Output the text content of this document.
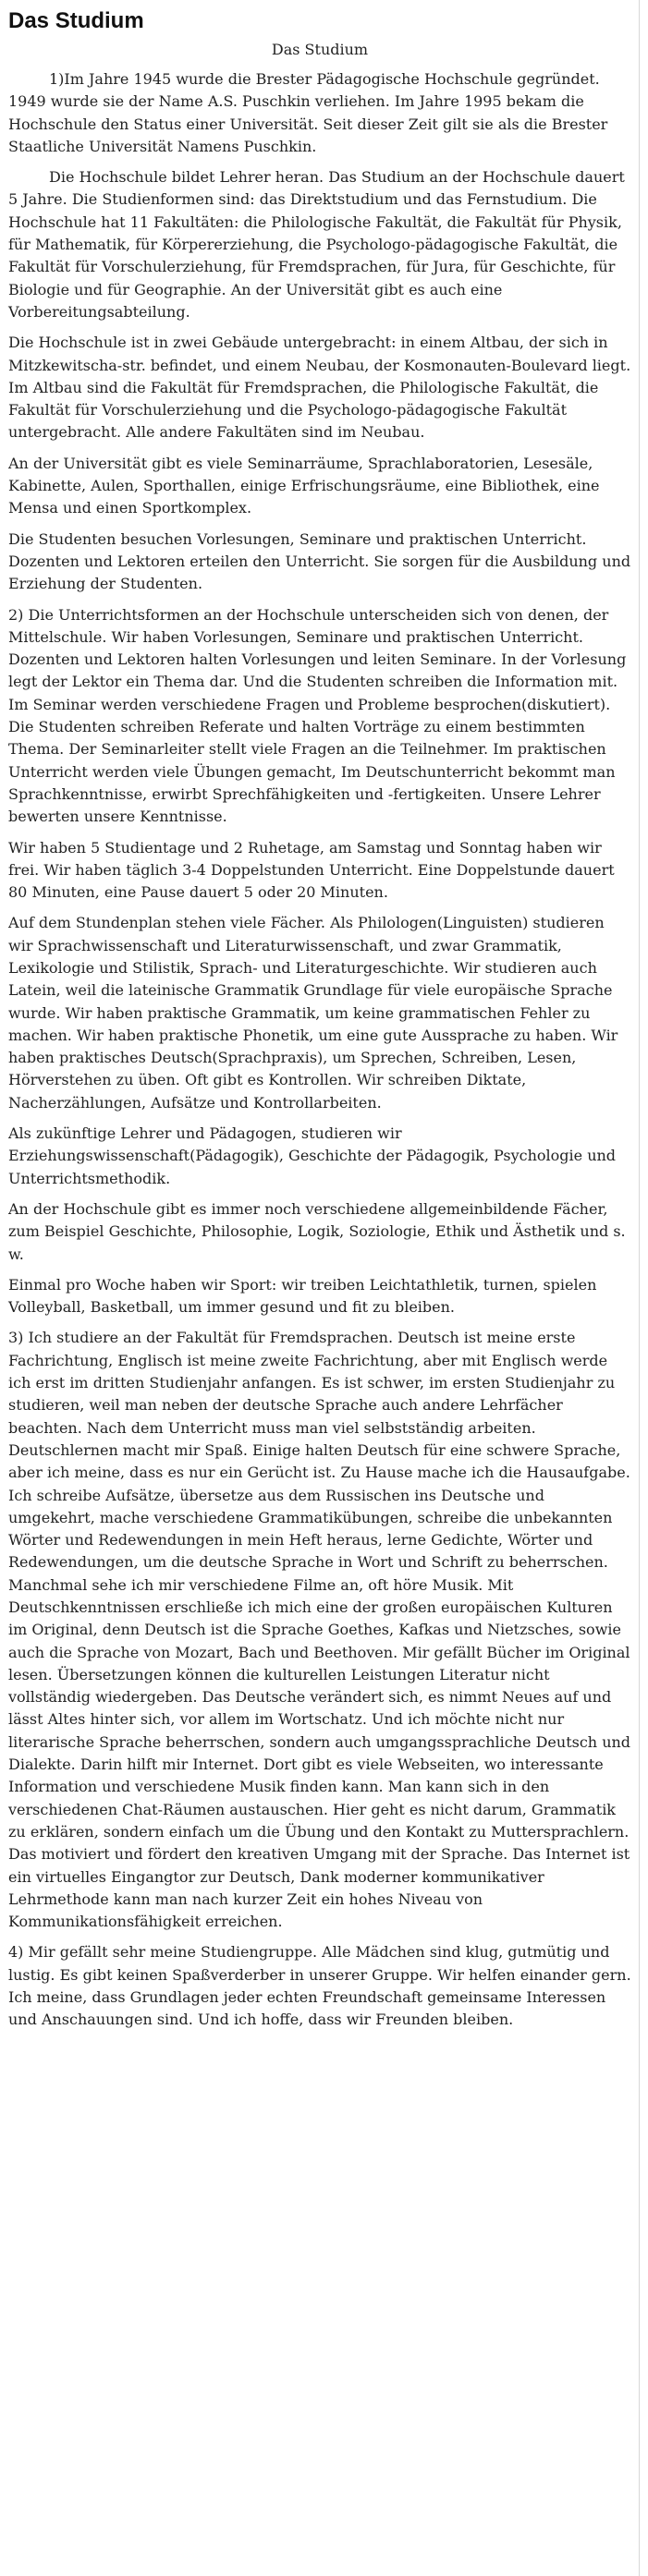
Das Studium
Das Studium

1)Im Jahre 1945 wurde die Brester Pädagogische Hochschule gegründet. 1949 wurde sie der Name A.S. Puschkin verliehen. Im Jahre 1995 bekam die Hochschule den Status einer Universität. Seit dieser Zeit gilt sie als die Brester Staatliche Universität Namens Puschkin.

Die Hochschule bildet Lehrer heran. Das Studium an der Hochschule dauert 5 Jahre. Die Studienformen sind: das Direktstudium und das Fernstudium. Die Hochschule hat 11 Fakultäten: die Philologische Fakultät, die Fakultät für Physik, für Mathematik, für Körpererziehung, die Psychologo-pädagogische Fakultät, die Fakultät für Vorschulerziehung, für Fremdsprachen, für Jura, für Geschichte, für Biologie und für Geographie. An der Universität gibt es auch eine Vorbereitungsabteilung.

Die Hochschule ist in zwei Gebäude untergebracht: in einem Altbau, der sich in Mitzkewitscha-str. befindet, und einem Neubau, der Kosmonauten-Boulevard liegt. Im Altbau sind die Fakultät für Fremdsprachen, die Philologische Fakultät, die Fakultät für Vorschulerziehung und die Psychologo-pädagogische Fakultät untergebracht. Alle andere Fakultäten sind im Neubau.

An der Universität gibt es viele Seminarräume, Sprachlaboratorien, Lesesäle, Kabinette, Aulen, Sporthallen, einige Erfrischungsräume, eine Bibliothek, eine Mensa und einen Sportkomplex.

Die Studenten besuchen Vorlesungen, Seminare und praktischen Unterricht. Dozenten und Lektoren erteilen den Unterricht. Sie sorgen für die Ausbildung und Erziehung der Studenten.

2) Die Unterrichtsformen an der Hochschule unterscheiden sich von denen, der Mittelschule. Wir haben Vorlesungen, Seminare und praktischen Unterricht. Dozenten und Lektoren halten Vorlesungen und leiten Seminare. In der Vorlesung legt der Lektor ein Thema dar. Und die Studenten schreiben die Information mit. Im Seminar werden verschiedene Fragen und Probleme besprochen(diskutiert). Die Studenten schreiben Referate und halten Vorträge zu einem bestimmten Thema. Der Seminarleiter stellt viele Fragen an die Teilnehmer. Im praktischen Unterricht werden viele Übungen gemacht, Im Deutschunterricht bekommt man Sprachkenntnisse, erwirbt Sprechfähigkeiten und -fertigkeiten. Unsere Lehrer bewerten unsere Kenntnisse.

Wir haben 5 Studientage und 2 Ruhetage, am Samstag und Sonntag haben wir frei. Wir haben täglich 3-4 Doppelstunden Unterricht. Eine Doppelstunde dauert 80 Minuten, eine Pause dauert 5 oder 20 Minuten.

Auf dem Stundenplan stehen viele Fächer. Als Philologen(Linguisten) studieren wir Sprachwissenschaft und Literaturwissenschaft, und zwar Grammatik, Lexikologie und Stilistik, Sprach- und Literaturgeschichte. Wir studieren auch Latein, weil die lateinische Grammatik Grundlage für viele europäische Sprache wurde. Wir haben praktische Grammatik, um keine grammatischen Fehler zu machen. Wir haben praktische Phonetik, um eine gute Aussprache zu haben. Wir haben praktisches Deutsch(Sprachpraxis), um Sprechen, Schreiben, Lesen, Hörverstehen zu üben. Oft gibt es Kontrollen. Wir schreiben Diktate, Nacherzählungen, Aufsätze und Kontrollarbeiten.

Als zukünftige Lehrer und Pädagogen, studieren wir Erziehungswissenschaft(Pädagogik), Geschichte der Pädagogik, Psychologie und Unterrichtsmethodik.

An der Hochschule gibt es immer noch verschiedene allgemeinbildende Fächer, zum Beispiel Geschichte, Philosophie, Logik, Soziologie, Ethik und Ästhetik und s. w.

Einmal pro Woche haben wir Sport: wir treiben Leichtathletik, turnen, spielen Volleyball, Basketball, um immer gesund und fit zu bleiben.

3) Ich studiere an der Fakultät für Fremdsprachen. Deutsch ist meine erste Fachrichtung, Englisch ist meine zweite Fachrichtung, aber mit Englisch werde ich erst im dritten Studienjahr anfangen. Es ist schwer, im ersten Studienjahr zu studieren, weil man neben der deutsche Sprache auch andere Lehrfächer beachten. Nach dem Unterricht muss man viel selbstständig arbeiten. Deutschlernen macht mir Spaß. Einige halten Deutsch für eine schwere Sprache, aber ich meine, dass es nur ein Gerücht ist. Zu Hause mache ich die Hausaufgabe. Ich schreibe Aufsätze, übersetze aus dem Russischen ins Deutsche und umgekehrt, mache verschiedene Grammatikübungen, schreibe die unbekannten Wörter und Redewendungen in mein Heft heraus, lerne Gedichte, Wörter und Redewendungen, um die deutsche Sprache in Wort und Schrift zu beherrschen. Manchmal sehe ich mir verschiedene Filme an, oft höre Musik. Mit Deutschkenntnissen erschließe ich mich eine der großen europäischen Kulturen im Original, denn Deutsch ist die Sprache Goethes, Kafkas und Nietzsches, sowie auch die Sprache von Mozart, Bach und Beethoven. Mir gefällt Bücher im Original lesen. Übersetzungen können die kulturellen Leistungen Literatur nicht vollständig wiedergeben. Das Deutsche verändert sich, es nimmt Neues auf und lässt Altes hinter sich, vor allem im Wortschatz. Und ich möchte nicht nur literarische Sprache beherrschen, sondern auch umgangssprachliche Deutsch und Dialekte. Darin hilft mir Internet. Dort gibt es viele Webseiten, wo interessante Information und verschiedene Musik finden kann. Man kann sich in den verschiedenen Chat-Räumen austauschen. Hier geht es nicht darum, Grammatik zu erklären, sondern einfach um die Übung und den Kontakt zu Muttersprachlern. Das motiviert und fördert den kreativen Umgang mit der Sprache. Das Internet ist ein virtuelles Eingangtor zur Deutsch, Dank moderner kommunikativer Lehrmethode kann man nach kurzer Zeit ein hohes Niveau von Kommunikationsfähigkeit erreichen.

4) Mir gefällt sehr meine Studiengruppe. Alle Mädchen sind klug, gutmütig und lustig. Es gibt keinen Spaßverderber in unserer Gruppe. Wir helfen einander gern. Ich meine, dass Grundlagen jeder echten Freundschaft gemeinsame Interessen und Anschauungen sind. Und ich hoffe, dass wir Freunden bleiben.
